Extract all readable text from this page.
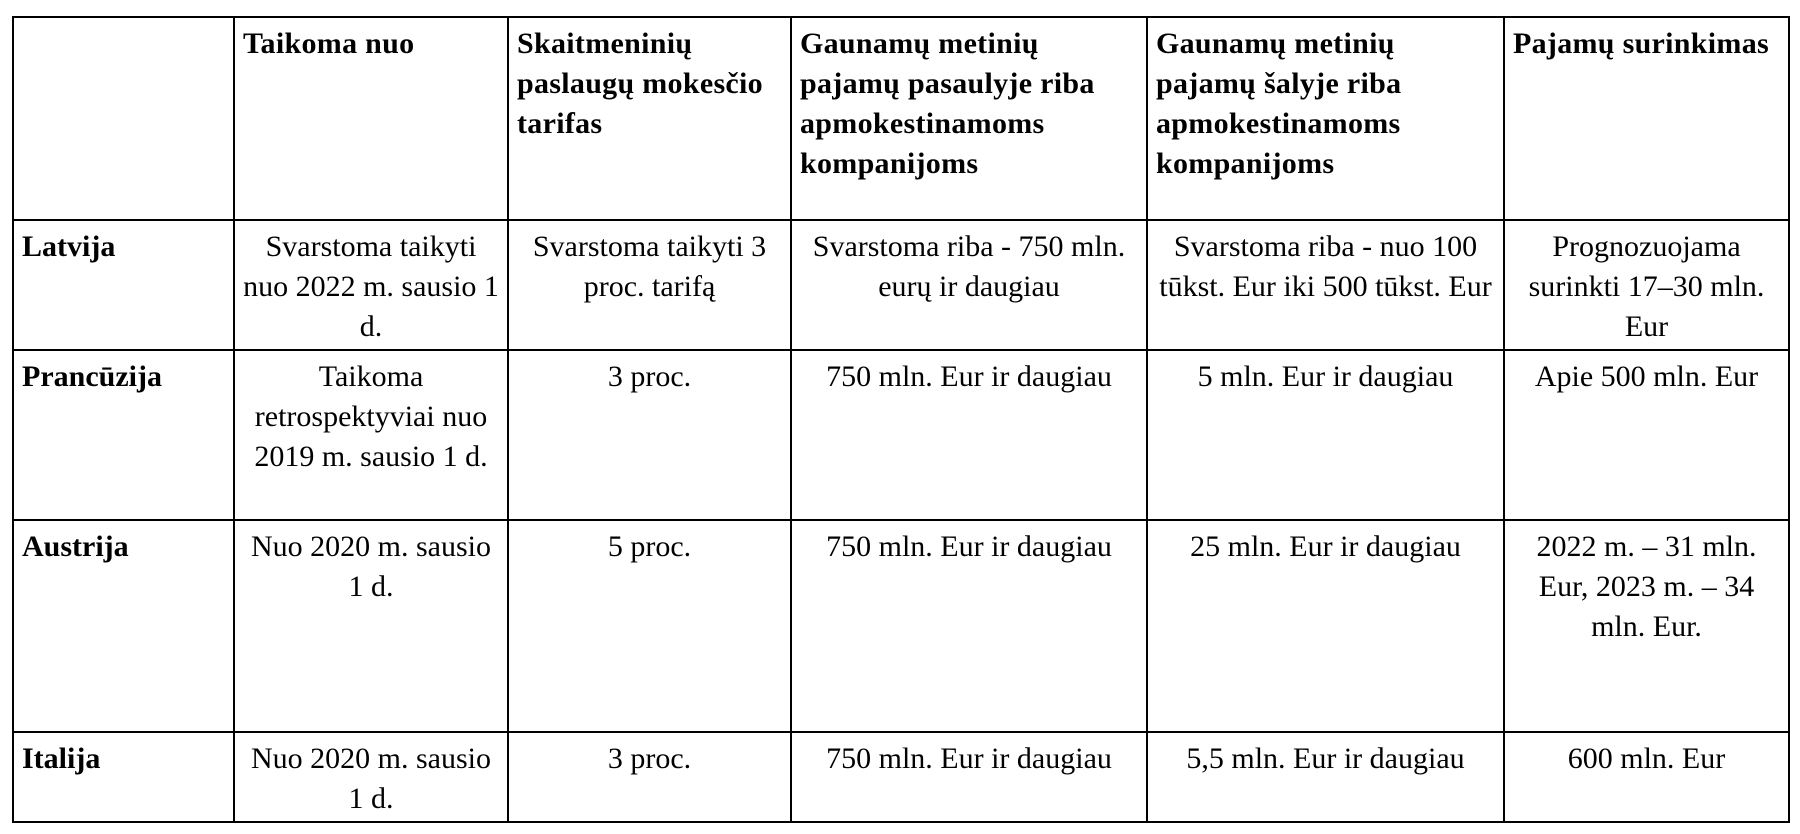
	Taikoma nuo	Skaitmeninių paslaugų mokesčio tarifas	Gaunamų metinių pajamų pasaulyje riba apmokestinamoms kompanijoms	Gaunamų metinių pajamų šalyje riba apmokestinamoms kompanijoms	Pajamų surinkimas
Latvija	Svarstoma taikyti nuo 2022 m. sausio 1 d.	Svarstoma taikyti 3 proc. tarifą	Svarstoma riba - 750 mln. eurų ir daugiau	Svarstoma riba - nuo 100 tūkst. Eur iki 500 tūkst. Eur	Prognozuojama surinkti 17–30 mln. Eur
Prancūzija	Taikoma retrospektyviai nuo 2019 m. sausio 1 d.	3 proc.	750 mln. Eur ir daugiau	5 mln. Eur ir daugiau	Apie 500 mln. Eur
Austrija	Nuo 2020 m. sausio 1 d.	5 proc.	750 mln. Eur ir daugiau	25 mln. Eur ir daugiau	2022 m. – 31 mln. Eur, 2023 m. – 34 mln. Eur.
Italija	Nuo 2020 m. sausio 1 d.	3 proc.	750 mln. Eur ir daugiau	5,5 mln. Eur ir daugiau	600 mln. Eur
